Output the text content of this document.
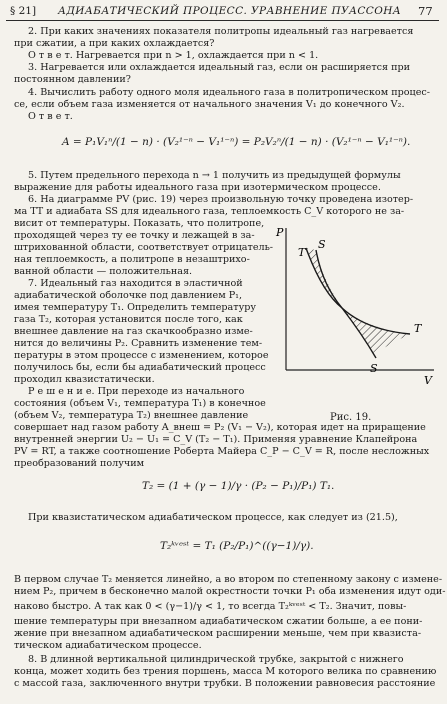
§ 21] АДИАБАТИЧЕСКИЙ ПРОЦЕСС. УРАВНЕНИЕ ПУАССОНА 77
2. При каких значениях показателя политропы идеальный газ нагревается
при сжатии, а при каких охлаждается?
О т в е т. Нагревается при n > 1, охлаждается при n < 1.
3. Нагревается или охлаждается идеальный газ, если он расширяется при
постоянном давлении?
4. Вычислить работу одного моля идеального газа в политропическом процес-
се, если объем газа изменяется от начального значения V₁ до конечного V₂.
О т в е т.
A = P₁V₁ⁿ/(1 − n) · (V₂¹⁻ⁿ − V₁¹⁻ⁿ) = P₂V₂ⁿ/(1 − n) · (V₂¹⁻ⁿ − V₁¹⁻ⁿ).
5. Путем предельного перехода n → 1 получить из предыдущей формулы
выражение для работы идеального газа при изотермическом процессе.
6. На диаграмме PV (рис. 19) через произвольную точку проведена изотер-
ма TT и адиабата SS для идеального газа, теплоемкость C_V которого не за-
висит от температуры. Показать, что политропе,
проходящей через ту ее точку и лежащей в за-
штрихованной области, соответствует отрицатель-
ная теплоемкость, а политропе в незаштрихо-
ванной области — положительная.
7. Идеальный газ находится в эластичной
адиабатической оболочке под давлением P₁,
имея температуру T₁. Определить температуру
газа T₂, которая установится после того, как
внешнее давление на газ скачкообразно изме-
нится до величины P₂. Сравнить изменение тем-
пературы в этом процессе с изменением, которое
получилось бы, если бы адиабатический процесс
проходил квазистатически.
Р е ш е н и е. При переходе из начального
состояния (объем V₁, температура T₁) в конечное
(объем V₂, температура T₂) внешнее давление
совершает над газом работу A_внеш = P₂ (V₁ − V₂), которая идет на приращение
внутренней энергии U₂ − U₁ = C_V (T₂ − T₁). Применяя уравнение Клапейрона
PV = RT, а также соотношение Роберта Майера C_P − C_V = R, после несложных
преобразований получим
T₂ = (1 + (γ − 1)/γ · (P₂ − P₁)/P₁) T₁.
При квазистатическом адиабатическом процессе, как следует из (21.5),
T₂ᵏᵛᵉˢᵗ = T₁ (P₂/P₁)^((γ−1)/γ).
В первом случае T₂ меняется линейно, а во втором по степенному закону с измене-
нием P₂, причем в бесконечно малой окрестности точки P₁ оба изменения идут оди-
наково быстро. А так как 0 < (γ−1)/γ < 1, то всегда T₂ᵏᵛᵉˢᵗ < T₂. Значит, повы-
шение температуры при внезапном адиабатическом сжатии больше, а ее пони-
жение при внезапном адиабатическом расширении меньше, чем при квазиста-
тическом адиабатическом процессе.
8. В длинной вертикальной цилиндрической трубке, закрытой с нижнего
конца, может ходить без трения поршень, масса M которого велика по сравнению
с массой газа, заключенного внутри трубки. В положении равновесия расстояние
P
V
T
S
T
S
Рис. 19.
